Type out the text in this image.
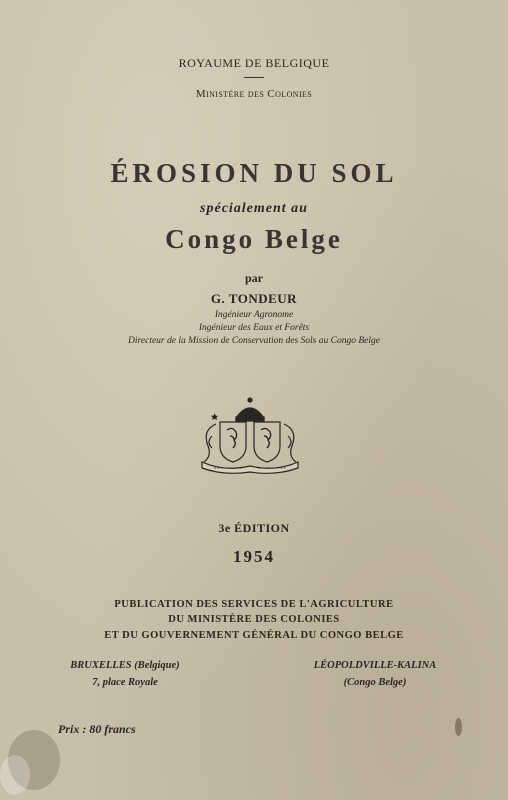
ROYAUME DE BELGIQUE
Ministère des Colonies
ÉROSION DU SOL
spécialement au
Congo Belge
par
G. TONDEUR
Ingénieur Agronome
Ingénieur des Eaux et Forêts
Directeur de la Mission de Conservation des Sols au Congo Belge
3e ÉDITION
1954
PUBLICATION DES SERVICES DE L'AGRICULTURE
DU MINISTÈRE DES COLONIES
ET DU GOUVERNEMENT GÉNÉRAL DU CONGO BELGE
BRUXELLES (Belgique)
7, place Royale
LÉOPOLDVILLE-KALINA
(Congo Belge)
Prix : 80 francs
